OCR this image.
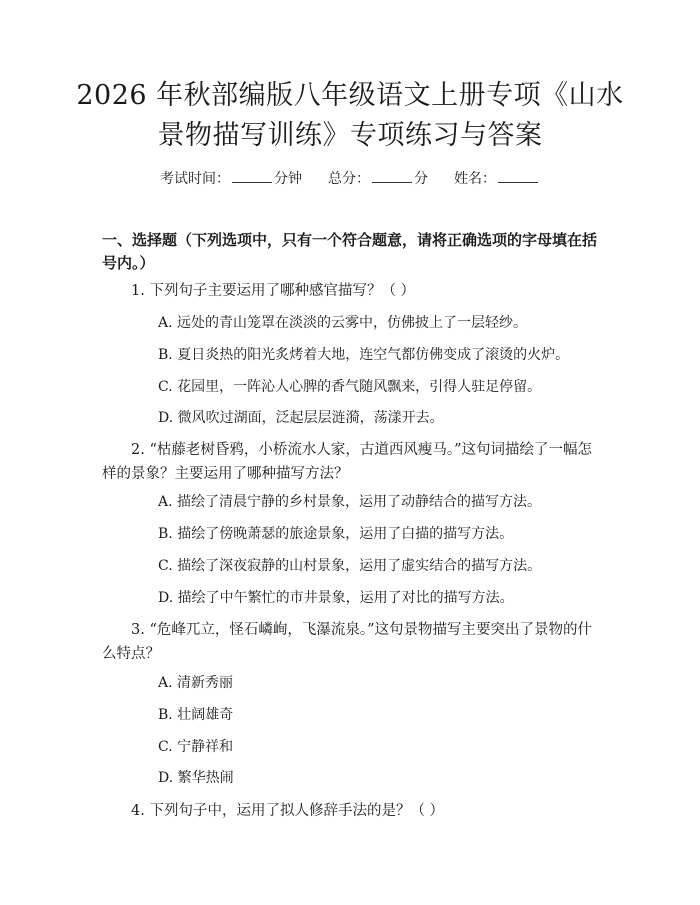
2026 年秋部编版八年级语文上册专项《山水
景物描写训练》专项练习与答案
考试时间：	分钟 总分：	分 姓名：
一、选择题（下列选项中，只有一个符合题意，请将正确选项的字母填在括号内。）
1. 下列句子主要运用了哪种感官描写？（ ）
A. 远处的青山笼罩在淡淡的云雾中，仿佛披上了一层轻纱。
B. 夏日炎热的阳光炙烤着大地，连空气都仿佛变成了滚烫的火炉。
C. 花园里，一阵沁人心脾的香气随风飘来，引得人驻足停留。
D. 微风吹过湖面，泛起层层涟漪，荡漾开去。
2. “枯藤老树昏鸦，小桥流水人家，古道西风瘦马。”这句词描绘了一幅怎样的景象？主要运用了哪种描写方法？
A. 描绘了清晨宁静的乡村景象，运用了动静结合的描写方法。
B. 描绘了傍晚萧瑟的旅途景象，运用了白描的描写方法。
C. 描绘了深夜寂静的山村景象，运用了虚实结合的描写方法。
D. 描绘了中午繁忙的市井景象，运用了对比的描写方法。
3. “危峰兀立，怪石嶙峋，飞瀑流泉。”这句景物描写主要突出了景物的什么特点？
A. 清新秀丽
B. 壮阔雄奇
C. 宁静祥和
D. 繁华热闹
4. 下列句子中，运用了拟人修辞手法的是？（ ）
